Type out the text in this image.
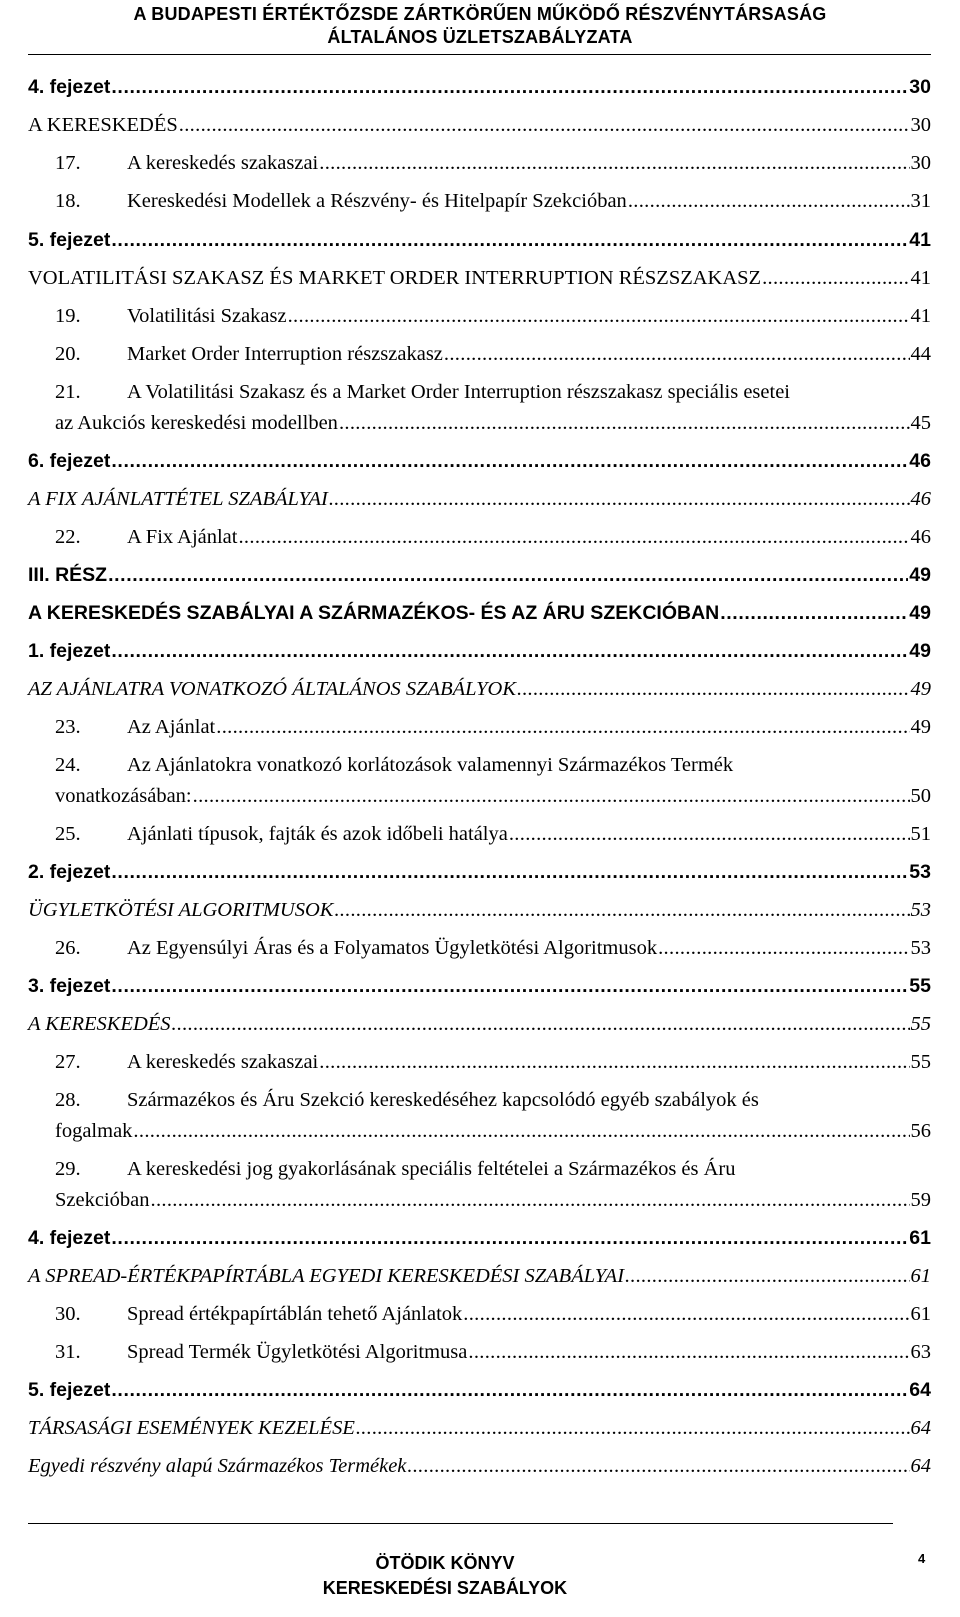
A BUDAPESTI ÉRTÉKTŐZSDE ZÁRTKÖRŰEN MŰKÖDŐ RÉSZVÉNYTÁRSASÁG
ÁLTALÁNOS ÜZLETSZABÁLYZATA
4. fejezet . . .	30
A KERESKEDÉS . . .	30
17.	A kereskedés szakaszai . . .	30
18.	Kereskedési Modellek a Részvény- és Hitelpapír Szekcióban . . .	31
5. fejezet . . .	41
VOLATILITÁSI SZAKASZ ÉS MARKET ORDER INTERRUPTION RÉSZSZAKASZ . . .	41
19.	Volatilitási Szakasz . . .	41
20.	Market Order Interruption részszakasz . . .	44
21. A Volatilitási Szakasz és a Market Order Interruption részszakasz speciális esetei
az Aukciós kereskedési modellben . . .	45
6. fejezet . . .	46
A FIX AJÁNLATTÉTEL SZABÁLYAI . . .	46
22.	A Fix Ajánlat . . .	46
III. RÉSZ . . .	49
A KERESKEDÉS SZABÁLYAI A SZÁRMAZÉKOS- ÉS AZ ÁRU SZEKCIÓBAN . . .	49
1. fejezet . . .	49
AZ AJÁNLATRA VONATKOZÓ ÁLTALÁNOS SZABÁLYOK . . .	49
23.	Az Ajánlat . . .	49
24. Az Ajánlatokra vonatkozó korlátozások valamennyi Származékos Termék
vonatkozásában: . . .	50
25.	Ajánlati típusok, fajták és azok időbeli hatálya . . .	51
2. fejezet . . .	53
ÜGYLETKÖTÉSI ALGORITMUSOK . . .	53
26.	Az Egyensúlyi Áras és a Folyamatos Ügyletkötési Algoritmusok . . .	53
3. fejezet . . .	55
A KERESKEDÉS . . .	55
27.	A kereskedés szakaszai . . .	55
28. Származékos és Áru Szekció kereskedéséhez kapcsolódó egyéb szabályok és
fogalmak . . .	56
29. A kereskedési jog gyakorlásának speciális feltételei a Származékos és Áru
Szekcióban . . .	59
4. fejezet . . .	61
A SPREAD-ÉRTÉKPAPÍRTÁBLA EGYEDI KERESKEDÉSI SZABÁLYAI . . .	61
30.	Spread értékpapírtáblán tehető Ajánlatok . . .	61
31.	Spread Termék Ügyletkötési Algoritmusa . . .	63
5. fejezet . . .	64
TÁRSASÁGI ESEMÉNYEK KEZELÉSE . . .	64
Egyedi részvény alapú Származékos Termékek . . .	64
ÖTÖDIK KÖNYV
KERESKEDÉSI SZABÁLYOK
4
